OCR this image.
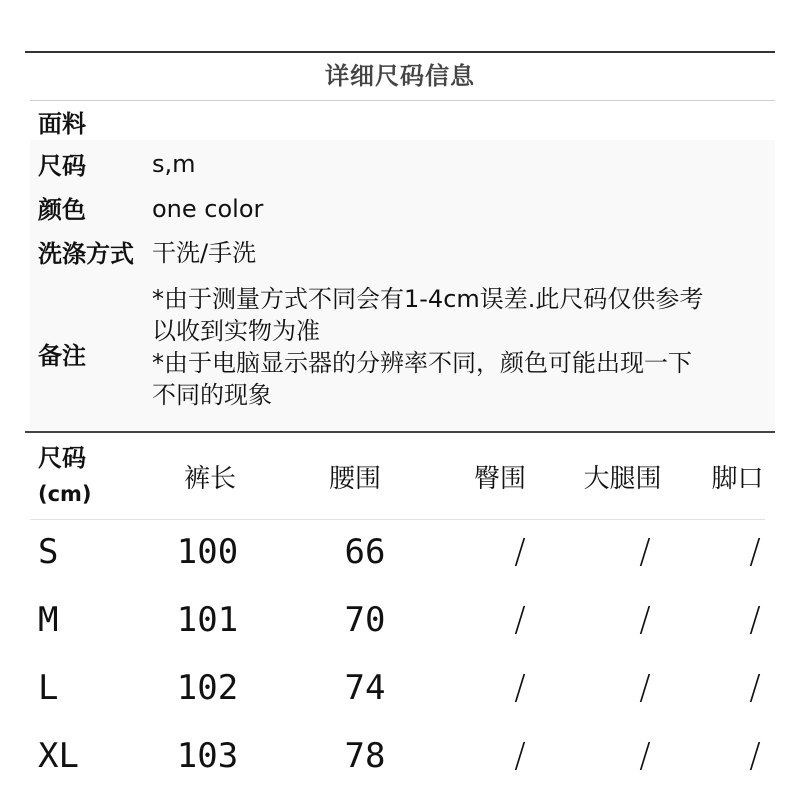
详细尺码信息
面料
尺码	s,m
颜色	one color
洗涤方式 干洗/手洗
备注
*由于测量方式不同会有1-4cm误差.此尺码仅供参考
以收到实物为准
*由于电脑显示器的分辨率不同，颜色可能出现一下
不同的现象
尺码
(cm)	裤长	腰围	臀围	大腿围	脚口
S	100	66	/	/	/
M	101	70	/	/	/
L	102	74	/	/	/
XL	103	78	/	/	/
